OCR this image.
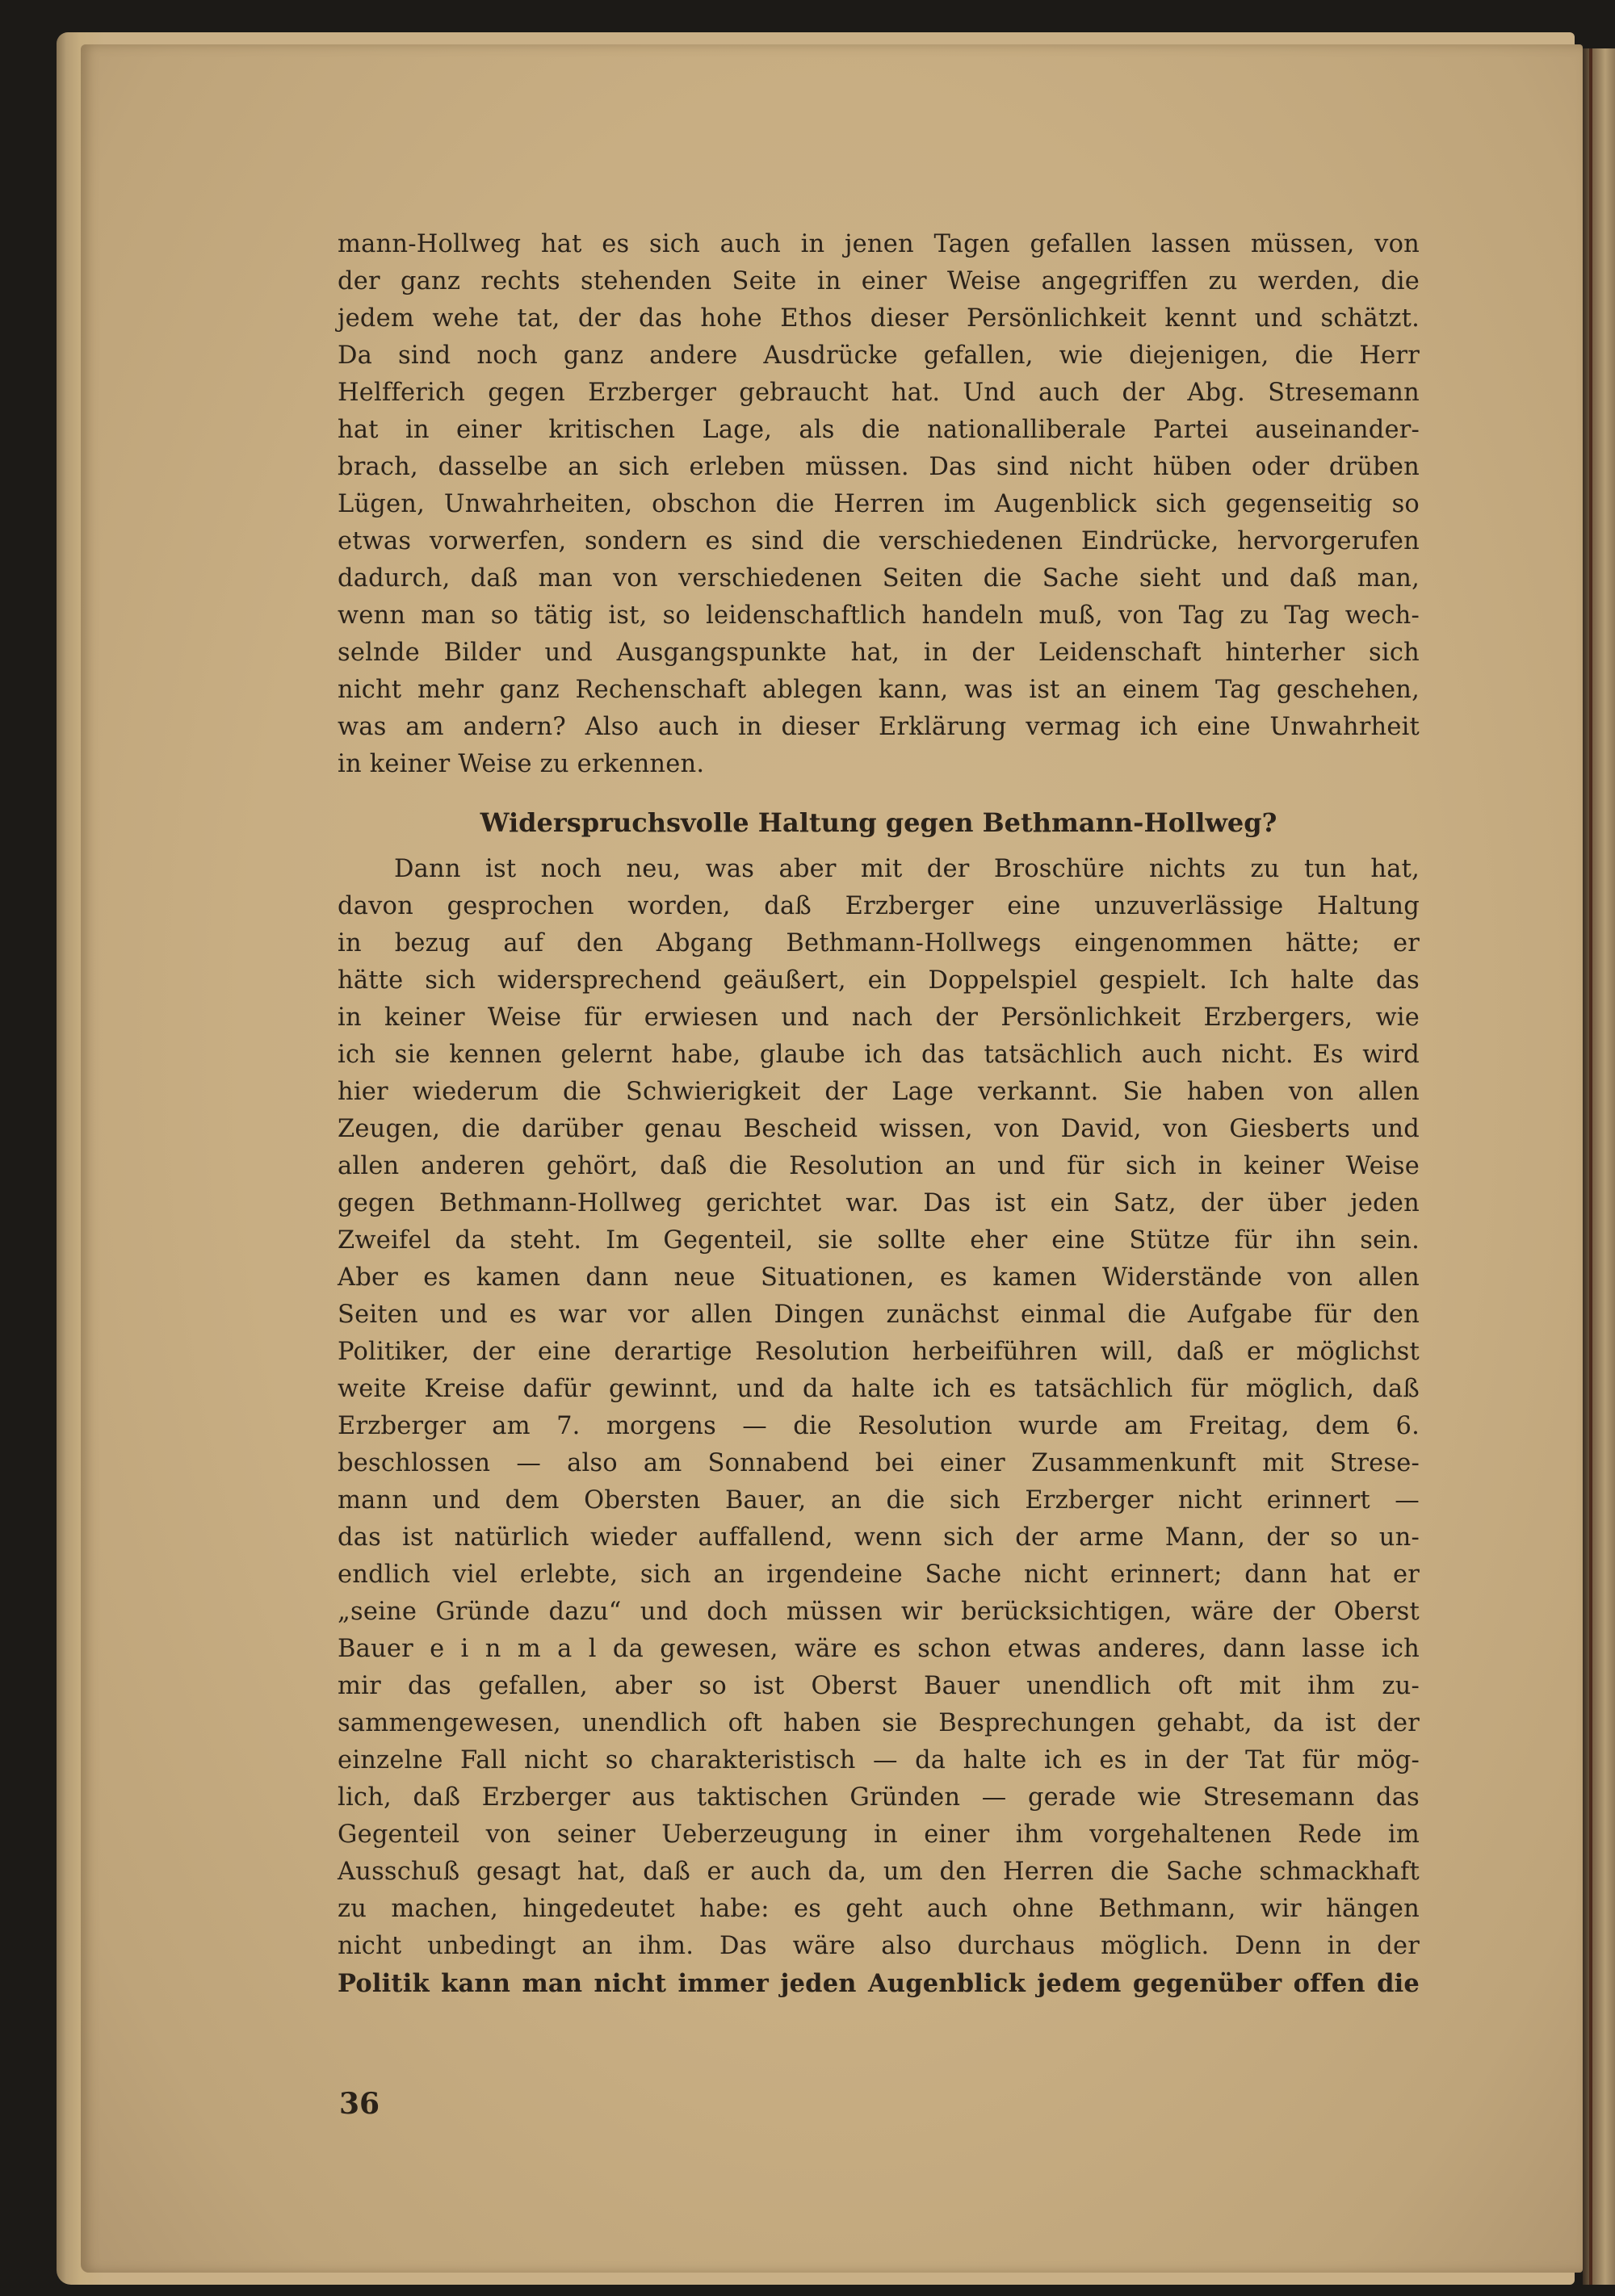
mann-Hollweg hat es sich auch in jenen Tagen gefallen lassen müssen, von
der ganz rechts stehenden Seite in einer Weise angegriffen zu werden, die
jedem wehe tat, der das hohe Ethos dieser Persönlichkeit kennt und schätzt.
Da sind noch ganz andere Ausdrücke gefallen, wie diejenigen, die Herr
Helfferich gegen Erzberger gebraucht hat. Und auch der Abg. Stresemann
hat in einer kritischen Lage, als die nationalliberale Partei auseinander-
brach, dasselbe an sich erleben müssen. Das sind nicht hüben oder drüben
Lügen, Unwahrheiten, obschon die Herren im Augenblick sich gegenseitig so
etwas vorwerfen, sondern es sind die verschiedenen Eindrücke, hervorgerufen
dadurch, daß man von verschiedenen Seiten die Sache sieht und daß man,
wenn man so tätig ist, so leidenschaftlich handeln muß, von Tag zu Tag wech-
selnde Bilder und Ausgangspunkte hat, in der Leidenschaft hinterher sich
nicht mehr ganz Rechenschaft ablegen kann, was ist an einem Tag geschehen,
was am andern? Also auch in dieser Erklärung vermag ich eine Unwahrheit
in keiner Weise zu erkennen.
Widerspruchsvolle Haltung gegen Bethmann-Hollweg?
Dann ist noch neu, was aber mit der Broschüre nichts zu tun hat,
davon gesprochen worden, daß Erzberger eine unzuverlässige Haltung
in bezug auf den Abgang Bethmann-Hollwegs eingenommen hätte; er
hätte sich widersprechend geäußert, ein Doppelspiel gespielt. Ich halte das
in keiner Weise für erwiesen und nach der Persönlichkeit Erzbergers, wie
ich sie kennen gelernt habe, glaube ich das tatsächlich auch nicht. Es wird
hier wiederum die Schwierigkeit der Lage verkannt. Sie haben von allen
Zeugen, die darüber genau Bescheid wissen, von David, von Giesberts und
allen anderen gehört, daß die Resolution an und für sich in keiner Weise
gegen Bethmann-Hollweg gerichtet war. Das ist ein Satz, der über jeden
Zweifel da steht. Im Gegenteil, sie sollte eher eine Stütze für ihn sein.
Aber es kamen dann neue Situationen, es kamen Widerstände von allen
Seiten und es war vor allen Dingen zunächst einmal die Aufgabe für den
Politiker, der eine derartige Resolution herbeiführen will, daß er möglichst
weite Kreise dafür gewinnt, und da halte ich es tatsächlich für möglich, daß
Erzberger am 7. morgens — die Resolution wurde am Freitag, dem 6.
beschlossen — also am Sonnabend bei einer Zusammenkunft mit Strese-
mann und dem Obersten Bauer, an die sich Erzberger nicht erinnert —
das ist natürlich wieder auffallend, wenn sich der arme Mann, der so un-
endlich viel erlebte, sich an irgendeine Sache nicht erinnert; dann hat er
„seine Gründe dazu“ und doch müssen wir berücksichtigen, wäre der Oberst
Bauer e i n m a l da gewesen, wäre es schon etwas anderes, dann lasse ich
mir das gefallen, aber so ist Oberst Bauer unendlich oft mit ihm zu-
sammengewesen, unendlich oft haben sie Besprechungen gehabt, da ist der
einzelne Fall nicht so charakteristisch — da halte ich es in der Tat für mög-
lich, daß Erzberger aus taktischen Gründen — gerade wie Stresemann das
Gegenteil von seiner Ueberzeugung in einer ihm vorgehaltenen Rede im
Ausschuß gesagt hat, daß er auch da, um den Herren die Sache schmackhaft
zu machen, hingedeutet habe: es geht auch ohne Bethmann, wir hängen
nicht unbedingt an ihm. Das wäre also durchaus möglich. Denn in der
Politik kann man nicht immer jeden Augenblick jedem gegenüber offen die
36
